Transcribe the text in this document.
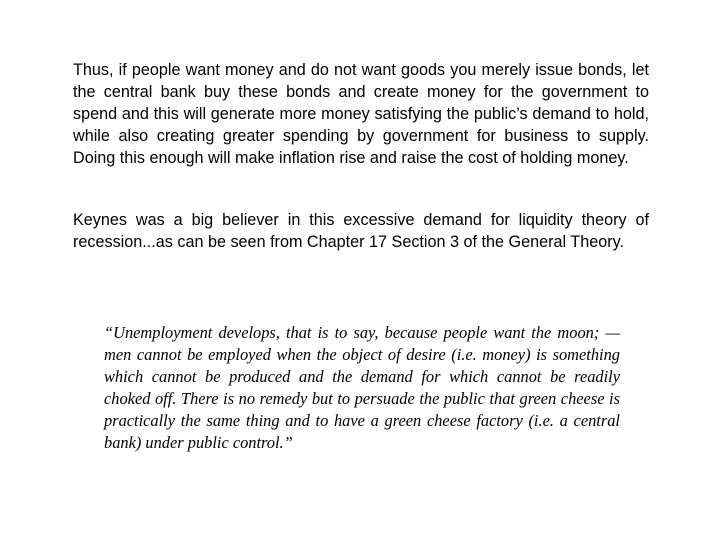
Thus, if people want money and do not want goods you merely issue bonds, let the central bank buy these bonds and create money for the government to spend and this will generate more money satisfying the public’s demand to hold, while also creating greater spending by government for business to supply. Doing this enough will make inflation rise and raise the cost of holding money.

Keynes was a big believer in this excessive demand for liquidity theory of recession...as can be seen from Chapter 17 Section 3 of the General Theory.

“Unemployment develops, that is to say, because people want the moon; — men cannot be employed when the object of desire (i.e. money) is something which cannot be produced and the demand for which cannot be readily choked off. There is no remedy but to persuade the public that green cheese is practically the same thing and to have a green cheese factory (i.e. a central bank) under public control.”
